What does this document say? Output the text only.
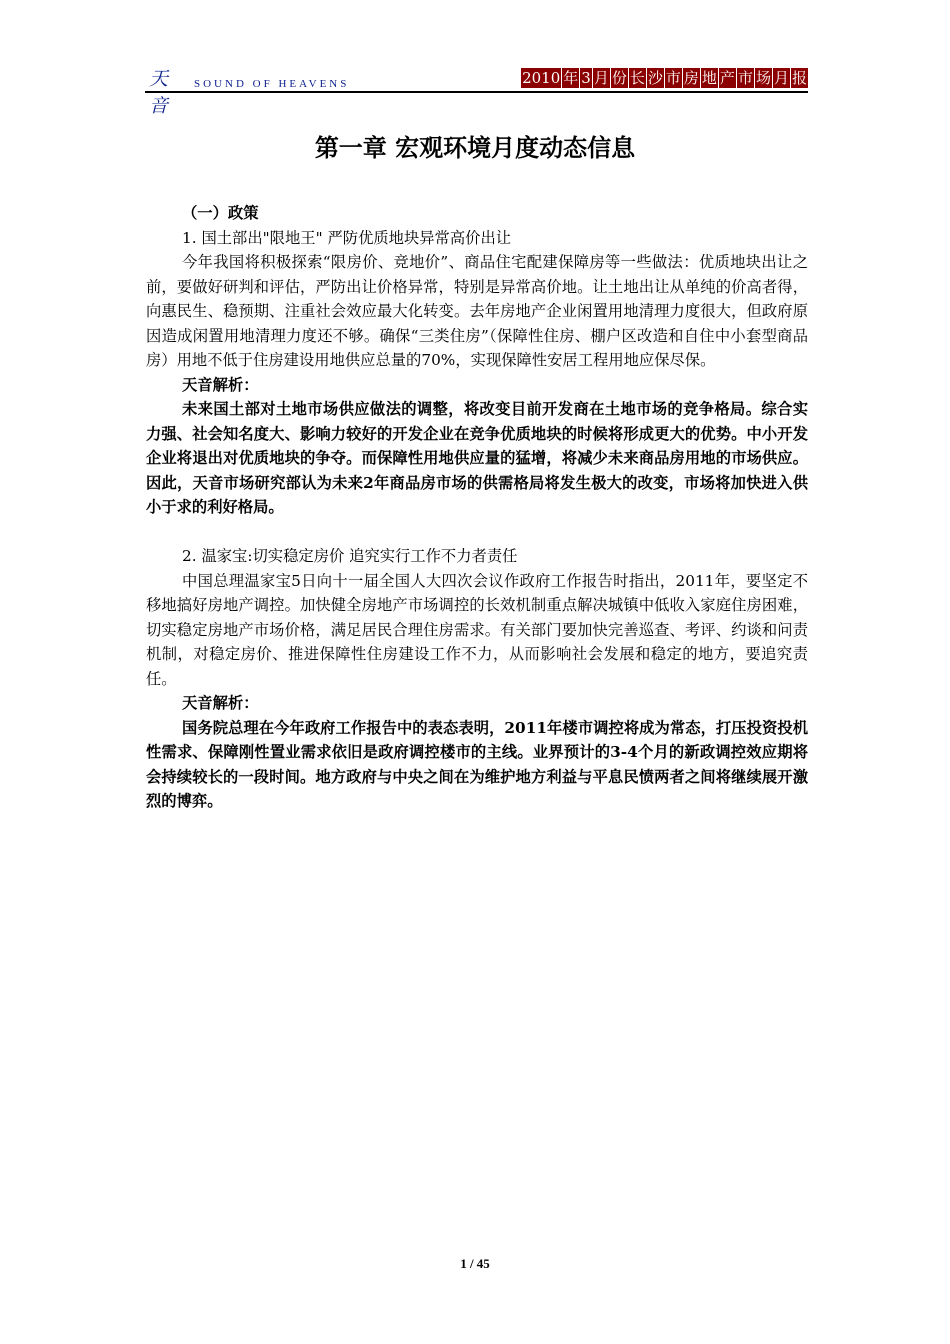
天音
SOUND OF HEAVENS	2010 年 3 月 份 长 沙 市 房 地 产 市 场 月 报
第一章 宏观环境月度动态信息

（一）政策

1. 国土部出"限地王" 严防优质地块异常高价出让

今年我国将积极探索“限房价、竞地价”、商品住宅配建保障房等一些做法：优质地块出让之前，要做好研判和评估，严防出让价格异常，特别是异常高价地。让土地出让从单纯的价高者得，向惠民生、稳预期、注重社会效应最大化转变。去年房地产企业闲置用地清理力度很大，但政府原因造成闲置用地清理力度还不够。确保“三类住房”（保障性住房、棚户区改造和自住中小套型商品房）用地不低于住房建设用地供应总量的70%，实现保障性安居工程用地应保尽保。

天音解析：

未来国土部对土地市场供应做法的调整，将改变目前开发商在土地市场的竞争格局。综合实力强、社会知名度大、影响力较好的开发企业在竞争优质地块的时候将形成更大的优势。中小开发企业将退出对优质地块的争夺。而保障性用地供应量的猛增，将减少未来商品房用地的市场供应。因此，天音市场研究部认为未来2年商品房市场的供需格局将发生极大的改变，市场将加快进入供小于求的利好格局。

2. 温家宝:切实稳定房价 追究实行工作不力者责任

中国总理温家宝5日向十一届全国人大四次会议作政府工作报告时指出，2011年，要坚定不移地搞好房地产调控。加快健全房地产市场调控的长效机制重点解决城镇中低收入家庭住房困难，切实稳定房地产市场价格，满足居民合理住房需求。有关部门要加快完善巡查、考评、约谈和问责机制，对稳定房价、推进保障性住房建设工作不力，从而影响社会发展和稳定的地方，要追究责任。

天音解析：

国务院总理在今年政府工作报告中的表态表明，2011年楼市调控将成为常态，打压投资投机性需求、保障刚性置业需求依旧是政府调控楼市的主线。业界预计的3-4个月的新政调控效应期将会持续较长的一段时间。地方政府与中央之间在为维护地方利益与平息民愤两者之间将继续展开激烈的博弈。

1 / 45
